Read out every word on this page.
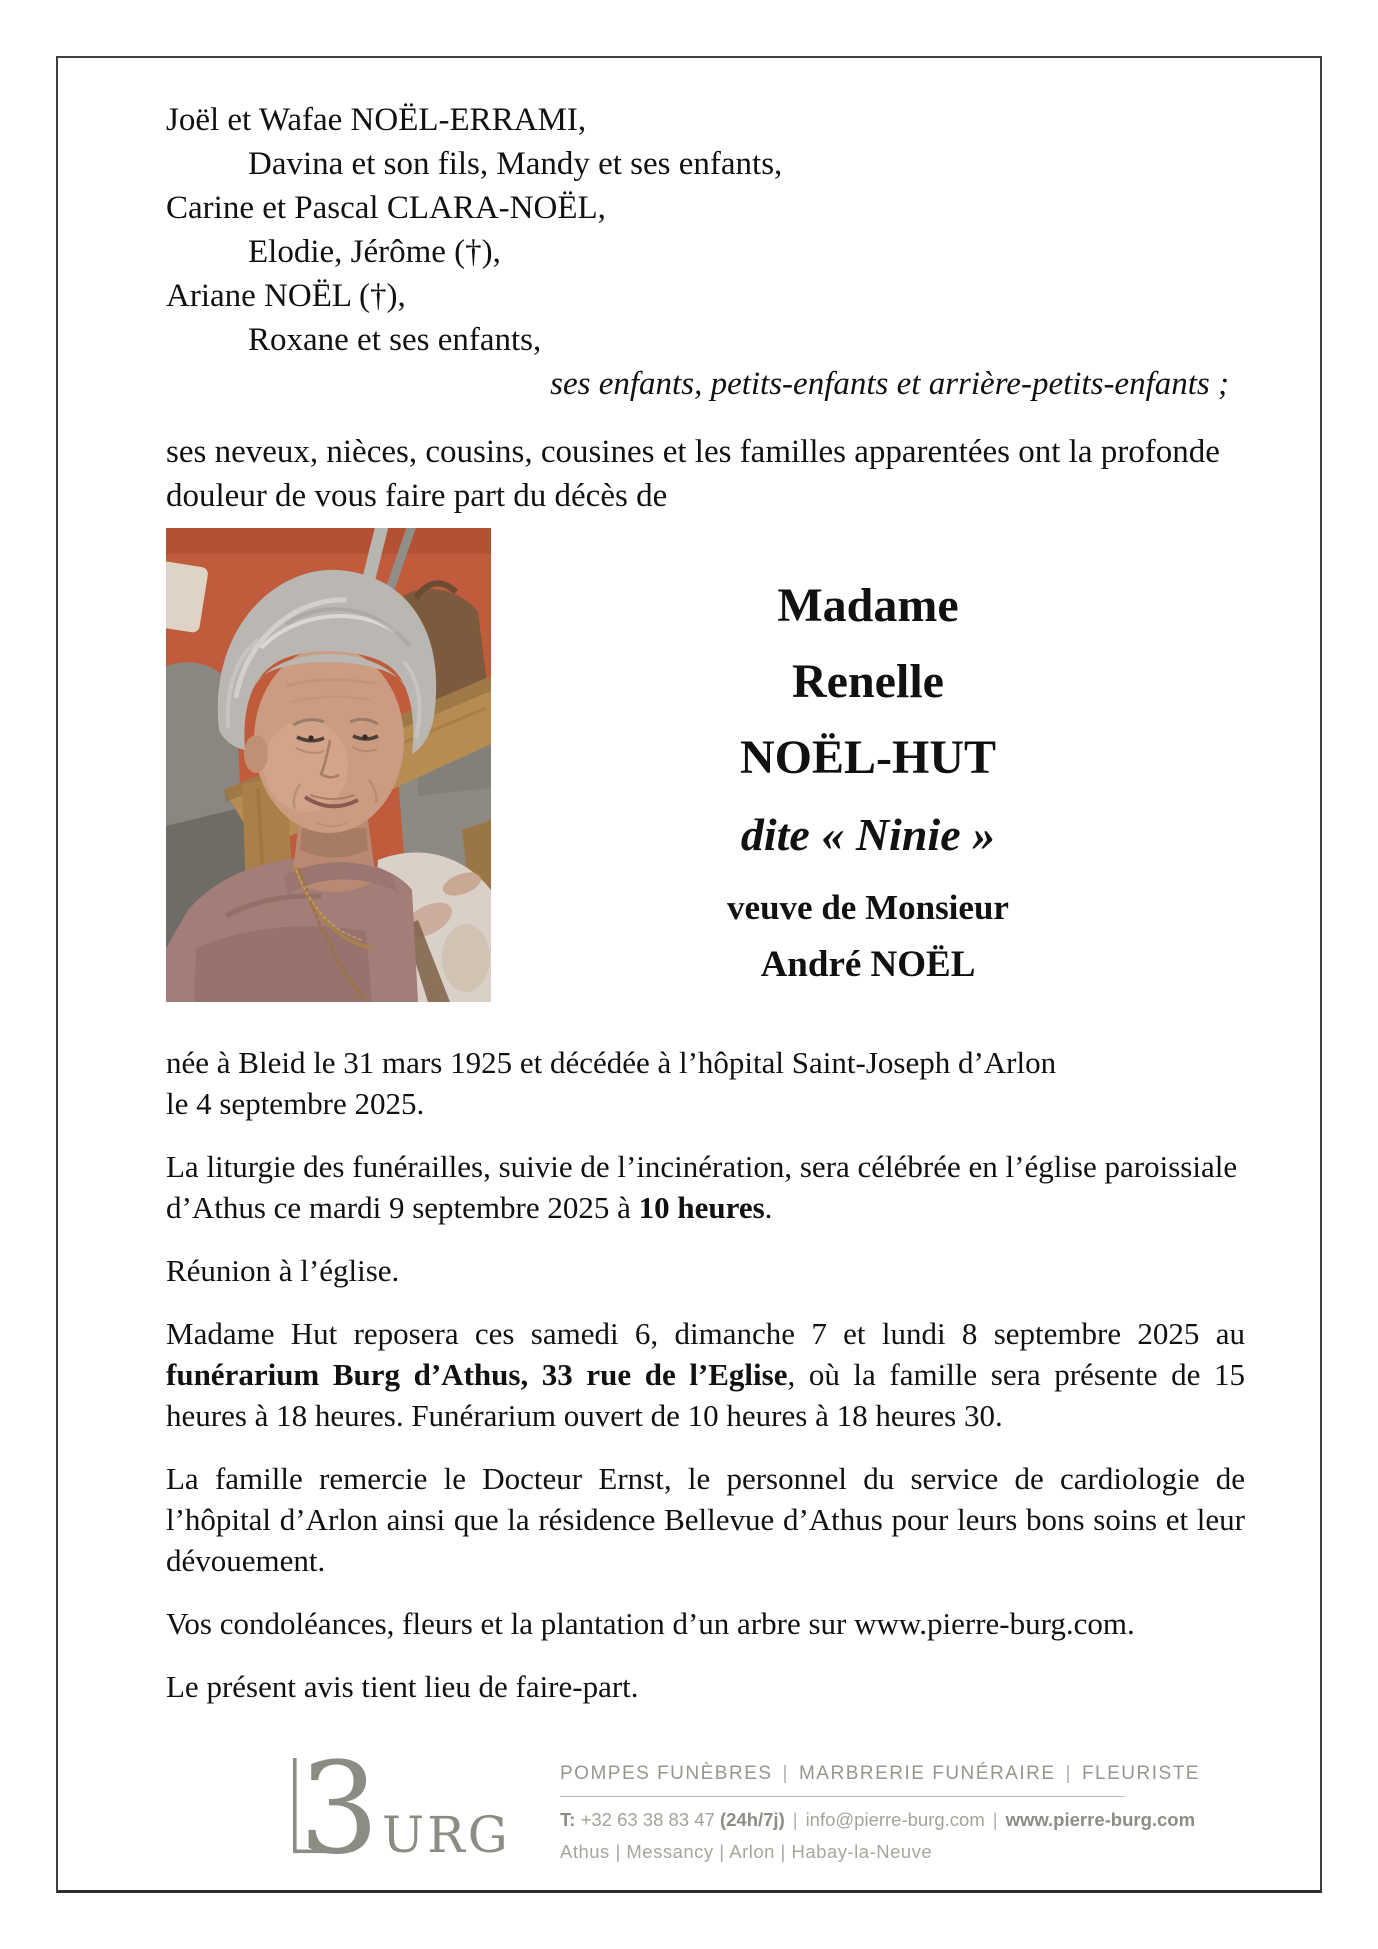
Joël et Wafae NOËL-ERRAMI,
Davina et son fils, Mandy et ses enfants,
Carine et Pascal CLARA-NOËL,
Elodie, Jérôme (†),
Ariane NOËL (†),
Roxane et ses enfants,
ses enfants, petits-enfants et arrière-petits-enfants ;
ses neveux, nièces, cousins, cousines et les familles apparentées ont la profonde
douleur de vous faire part du décès de
Madame
Renelle
NOËL-HUT
dite « Ninie »
veuve de Monsieur
André NOËL

née à Bleid le 31 mars 1925 et décédée à l’hôpital Saint-Joseph d’Arlon
le 4 septembre 2025.

La liturgie des funérailles, suivie de l’incinération, sera célébrée en l’église paroissiale
d’Athus ce mardi 9 septembre 2025 à 10 heures.

Réunion à l’église.

Madame Hut reposera ces samedi 6, dimanche 7 et lundi 8 septembre 2025 au funérarium Burg d’Athus, 33 rue de l’Eglise, où la famille sera présente de 15 heures à 18 heures. Funérarium ouvert de 10 heures à 18 heures 30.

La famille remercie le Docteur Ernst, le personnel du service de cardiologie de l’hôpital d’Arlon ainsi que la résidence Bellevue d’Athus pour leurs bons soins et leur dévouement.

Vos condoléances, fleurs et la plantation d’un arbre sur www.pierre-burg.com.

Le présent avis tient lieu de faire-part.

3 URG
POMPES FUNÈBRES | MARBRERIE FUNÉRAIRE | FLEURISTE
T: +32 63 38 83 47 (24h/7j) | info@pierre-burg.com | www.pierre-burg.com
Athus | Messancy | Arlon | Habay-la-Neuve
